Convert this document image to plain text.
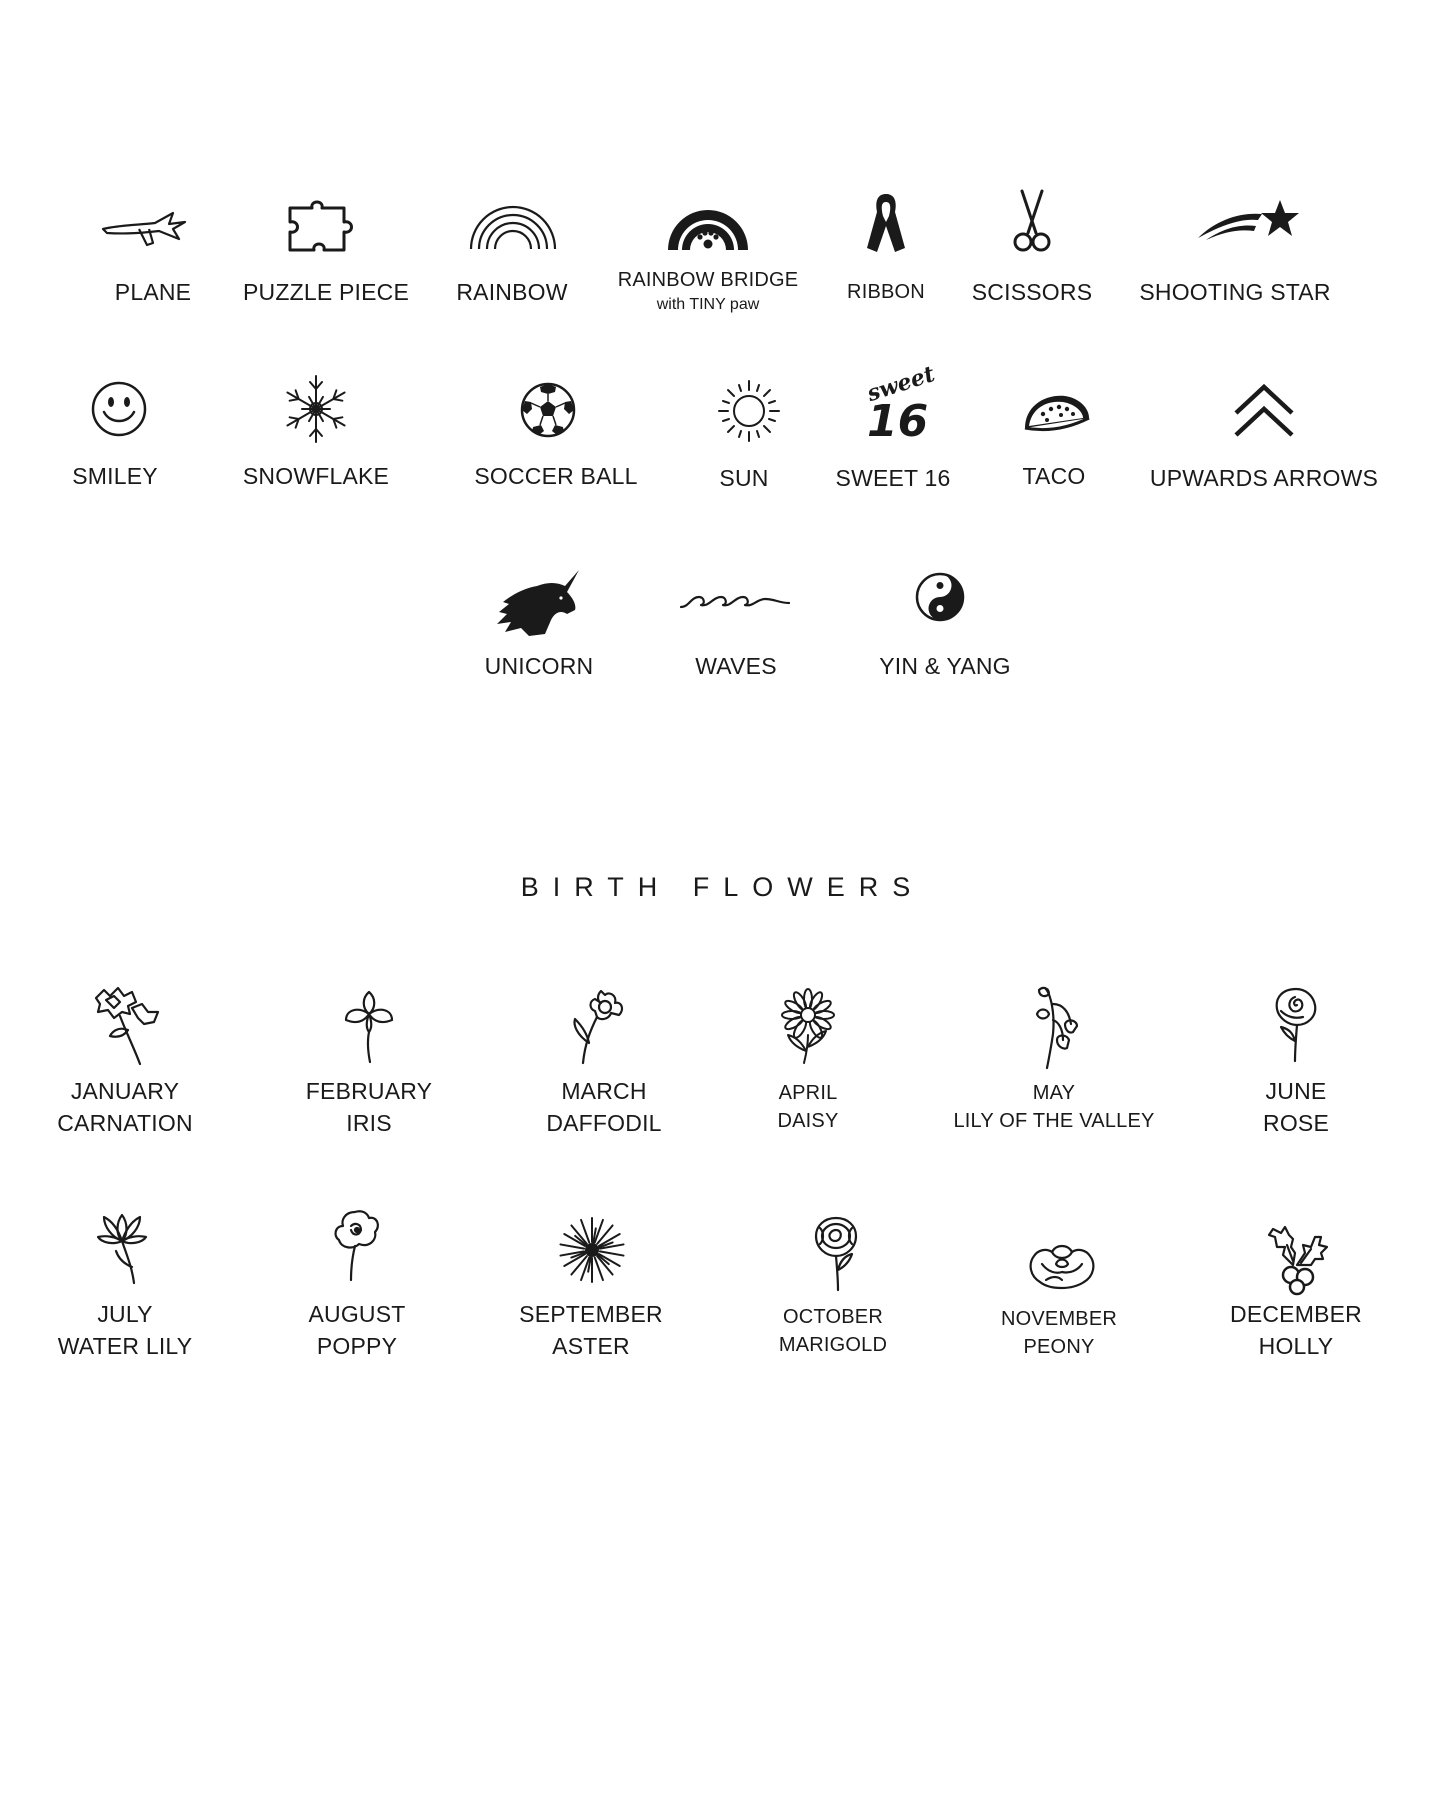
PLANE PUZZLE PIECE RAINBOW	RAINBOW BRIDGE
with TINY paw
RIBBON SCISSORS SHOOTING STAR
SMILEY	SNOWFLAKE	SOCCER BALL	SUN
sweet
16
SWEET 16	TACO	UPWARDS ARROWS
UNICORN	WAVES	YIN & YANG
BIRTH FLOWERS
JANUARY
CARNATION
FEBRUARY
IRIS
MARCH
DAFFODIL
APRIL
DAISY
MAY
LILY OF THE VALLEY
JUNE
ROSE
JULY
WATER LILY
AUGUST
POPPY
SEPTEMBER
ASTER
OCTOBER
MARIGOLD
NOVEMBER
PEONY
DECEMBER
HOLLY
